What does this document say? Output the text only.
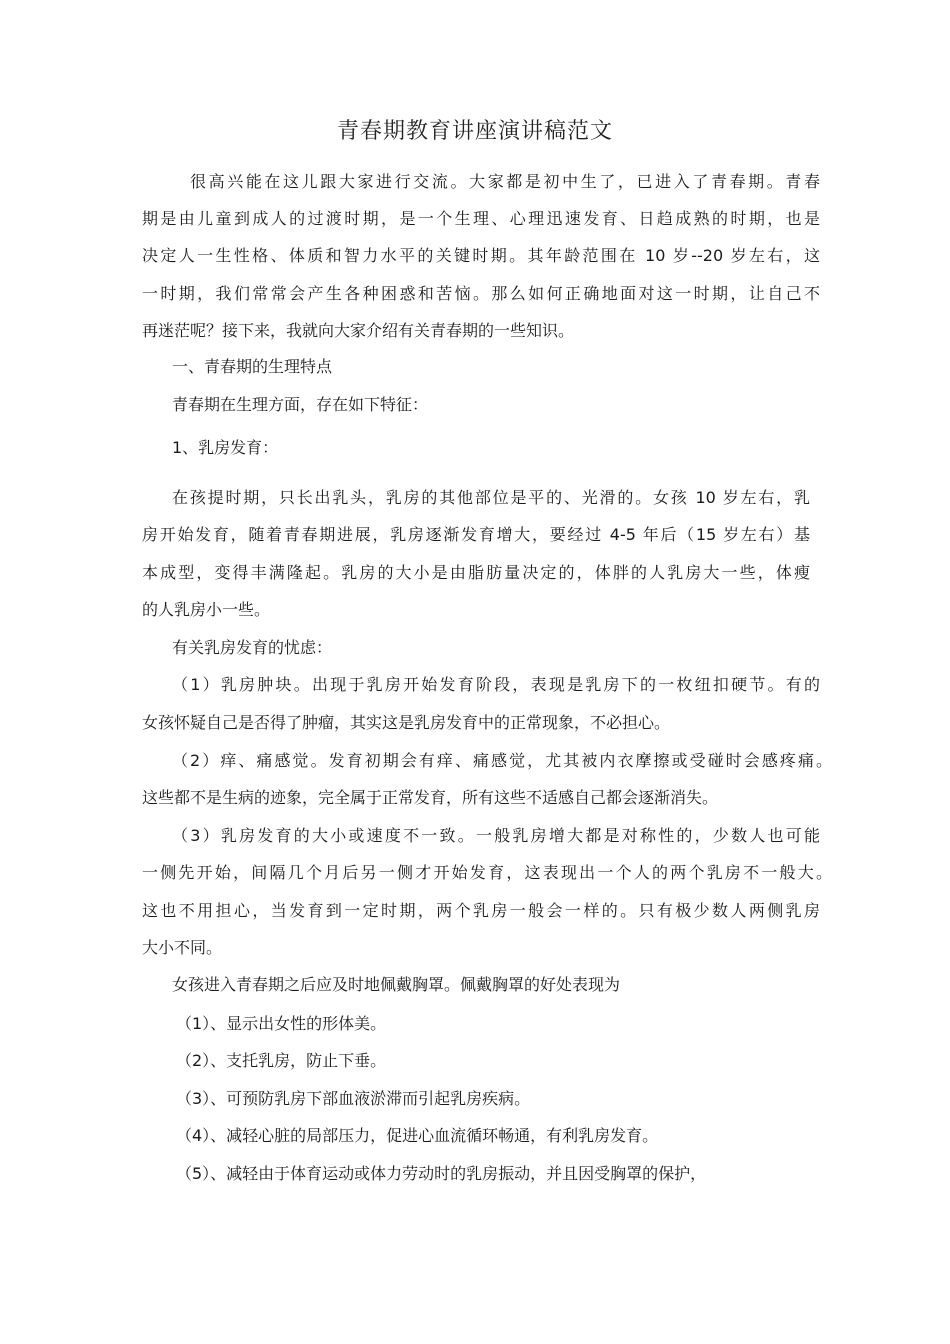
青春期教育讲座演讲稿范文
很高兴能在这儿跟大家进行交流。大家都是初中生了，已进入了青春期。青春
期是由儿童到成人的过渡时期，是一个生理、心理迅速发育、日趋成熟的时期，也是
决定人一生性格、体质和智力水平的关键时期。其年龄范围在 10 岁--20 岁左右，这
一时期，我们常常会产生各种困惑和苦恼。那么如何正确地面对这一时期，让自己不
再迷茫呢？接下来，我就向大家介绍有关青春期的一些知识。
一、青春期的生理特点
青春期在生理方面，存在如下特征：
1、乳房发育：
在孩提时期，只长出乳头，乳房的其他部位是平的、光滑的。女孩 10 岁左右，乳
房开始发育，随着青春期进展，乳房逐渐发育增大，要经过 4-5 年后（15 岁左右）基
本成型，变得丰满隆起。乳房的大小是由脂肪量决定的，体胖的人乳房大一些，体瘦
的人乳房小一些。
有关乳房发育的忧虑：
（1）乳房肿块。出现于乳房开始发育阶段，表现是乳房下的一枚纽扣硬节。有的
女孩怀疑自己是否得了肿瘤，其实这是乳房发育中的正常现象，不必担心。
（2）痒、痛感觉。发育初期会有痒、痛感觉，尤其被内衣摩擦或受碰时会感疼痛。
这些都不是生病的迹象，完全属于正常发育，所有这些不适感自己都会逐渐消失。
（3）乳房发育的大小或速度不一致。一般乳房增大都是对称性的，少数人也可能
一侧先开始，间隔几个月后另一侧才开始发育，这表现出一个人的两个乳房不一般大。
这也不用担心，当发育到一定时期，两个乳房一般会一样的。只有极少数人两侧乳房
大小不同。
女孩进入青春期之后应及时地佩戴胸罩。佩戴胸罩的好处表现为
（1）、显示出女性的形体美。
（2）、支托乳房，防止下垂。
（3）、可预防乳房下部血液淤滞而引起乳房疾病。
（4）、减轻心脏的局部压力，促进心血流循环畅通，有利乳房发育。
（5）、减轻由于体育运动或体力劳动时的乳房振动，并且因受胸罩的保护，
